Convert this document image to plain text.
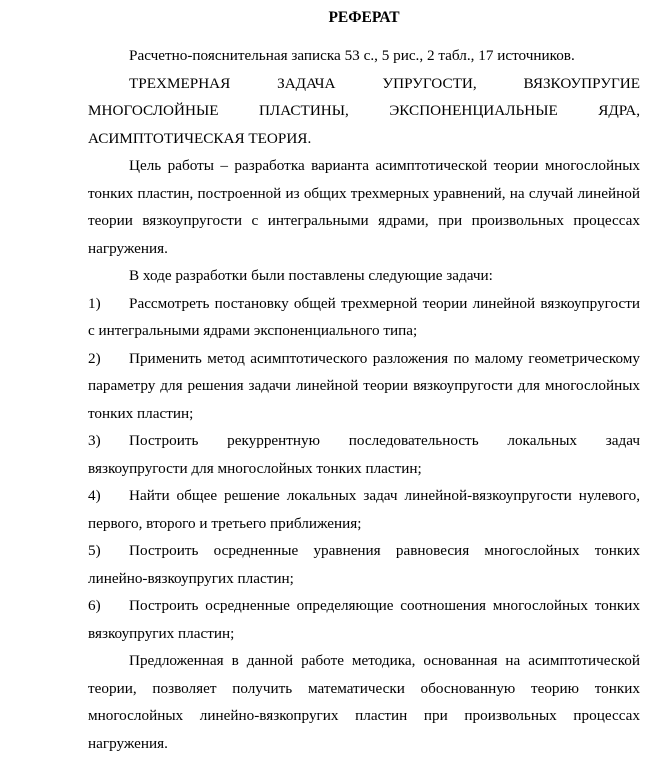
РЕФЕРАТ

Расчетно-пояснительная записка 53 с., 5 рис., 2 табл., 17 источников.

ТРЕХМЕРНАЯ ЗАДАЧА УПРУГОСТИ, ВЯЗКОУПРУГИЕ МНОГОСЛОЙНЫЕ ПЛАСТИНЫ, ЭКСПОНЕНЦИАЛЬНЫЕ ЯДРА, АСИМПТОТИЧЕСКАЯ ТЕОРИЯ.

Цель работы – разработка варианта асимптотической теории многослойных тонких пластин, построенной из общих трехмерных уравнений, на случай линейной теории вязкоупругости с интегральными ядрами, при произвольных процессах нагружения.

В ходе разработки были поставлены следующие задачи:

1) Рассмотреть постановку общей трехмерной теории линейной вязкоупругости с интегральными ядрами экспоненциального типа;

2) Применить метод асимптотического разложения по малому геометрическому параметру для решения задачи линейной теории вязкоупругости для многослойных тонких пластин;

3) Построить рекуррентную последовательность локальных задач вязкоупругости для многослойных тонких пластин;

4) Найти общее решение локальных задач линейной-вязкоупругости нулевого, первого, второго и третьего приближения;

5) Построить осредненные уравнения равновесия многослойных тонких линейно-вязкоупругих пластин;

6) Построить осредненные определяющие соотношения многослойных тонких вязкоупругих пластин;

Предложенная в данной работе методика, основанная на асимптотической теории, позволяет получить математически обоснованную теорию тонких многослойных линейно-вязкопругих пластин при произвольных процессах нагружения.
